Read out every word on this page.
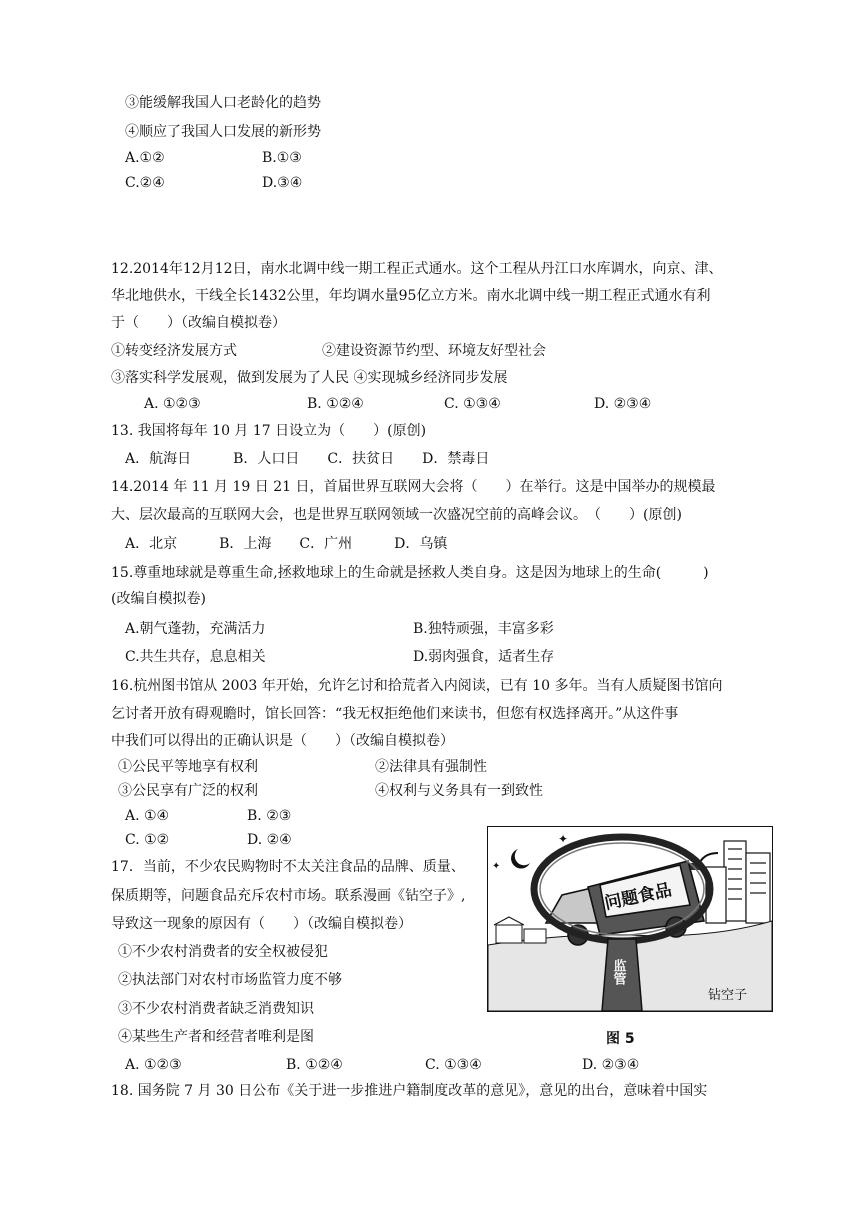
③能缓解我国人口老龄化的趋势
④顺应了我国人口发展的新形势
A.①②	B.①③
C.②④	D.③④
12.2014年12月12日，南水北调中线一期工程正式通水。这个工程从丹江口水库调水，向京、津、
华北地供水，干线全长1432公里，年均调水量95亿立方米。南水北调中线一期工程正式通水有利
于（　　）（改编自模拟卷）
①转变经济发展方式	②建设资源节约型、环境友好型社会
③落实科学发展观，做到发展为了人民 ④实现城乡经济同步发展
A. ①②③	B. ①②④	C. ①③④	D. ②③④
13. 我国将每年 10 月 17 日设立为（　　）(原创)
A．航海日　　　B．人口日　　C．扶贫日　　D．禁毒日
14.2014 年 11 月 19 日 21 日，首届世界互联网大会将（　　）在举行。这是中国举办的规模最
大、层次最高的互联网大会，也是世界互联网领域一次盛况空前的高峰会议。　（　　）(原创)
A．北京　　　B．上海　　C．广州　　　D．乌镇
15.尊重地球就是尊重生命,拯救地球上的生命就是拯救人类自身。这是因为地球上的生命(　　　)
(改编自模拟卷)
A.朝气蓬勃，充满活力	B.独特顽强，丰富多彩
C.共生共存，息息相关	D.弱肉强食，适者生存
16.杭州图书馆从 2003 年开始，允许乞讨和拾荒者入内阅读，已有 10 多年。当有人质疑图书馆向
乞讨者开放有碍观瞻时，馆长回答：“我无权拒绝他们来读书，但您有权选择离开。”从这件事
中我们可以得出的正确认识是（　　）（改编自模拟卷）
①公民平等地享有权利	②法律具有强制性
③公民享有广泛的权利	④权利与义务具有一到致性
A. ①④	B. ②③
C. ①②	D. ②④
17．当前，不少农民购物时不太关注食品的品牌、质量、
保质期等，问题食品充斥农村市场。联系漫画《钻空子》,
导致这一现象的原因有（　　）（改编自模拟卷）
①不少农村消费者的安全权被侵犯
②执法部门对农村市场监管力度不够
③不少农村消费者缺乏消费知识
④某些生产者和经营者唯利是图
A. ①②③	B. ①②④	C. ①③④	D. ②③④
✦
✦
问题食品
监管
钻空子
图 5
18. 国务院 7 月 30 日公布《关于进一步推进户籍制度改革的意见》，意见的出台，意味着中国实
